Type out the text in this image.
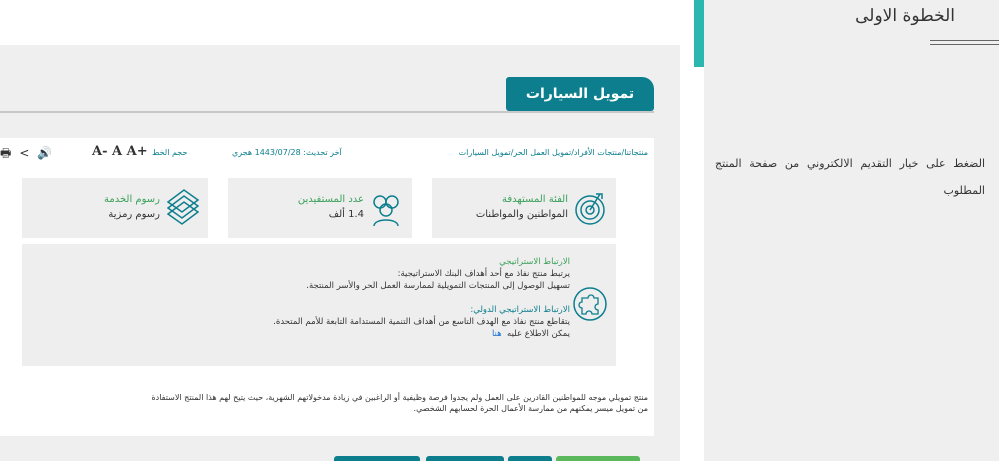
تمويل السيارات
منتجاتنا/منتجات الأفراد/تمويل العمل الحر/تمويل السيارات
آخر تحديث: 1443/07/28 هجري
حجم الخط
A- A A+
🖶 < 🔊
الفئة المستهدفة
المواطنين والمواطنات
عدد المستفيدين
1.4 ألف
رسوم الخدمة
رسوم رمزية
الارتباط الاستراتيجي
يرتبط منتج نفاذ مع أحد أهداف البنك الاستراتيجية:
تسهيل الوصول إلى المنتجات التمويلية لممارسة العمل الحر والأسر المنتجة.
الارتباط الاستراتيجي الدولي:
يتقاطع منتج نفاذ مع الهدف التاسع من أهداف التنمية المستدامة التابعة للأمم المتحدة.
يمكن الاطلاع عليه  هنا
منتج تمويلي موجه للمواطنين القادرين على العمل ولم يجدوا فرصة وظيفية أو الراغبين في زيادة مدخولاتهم الشهرية، حيث يتيح لهم هذا المنتج الاستفادة
من تمويل ميسر يمكنهم من ممارسة الأعمال الحرة لحسابهم الشخصي.
الخطوة الاولى
الضغط على خيار التقديم الالكتروني من صفحة المنتج المطلوب
